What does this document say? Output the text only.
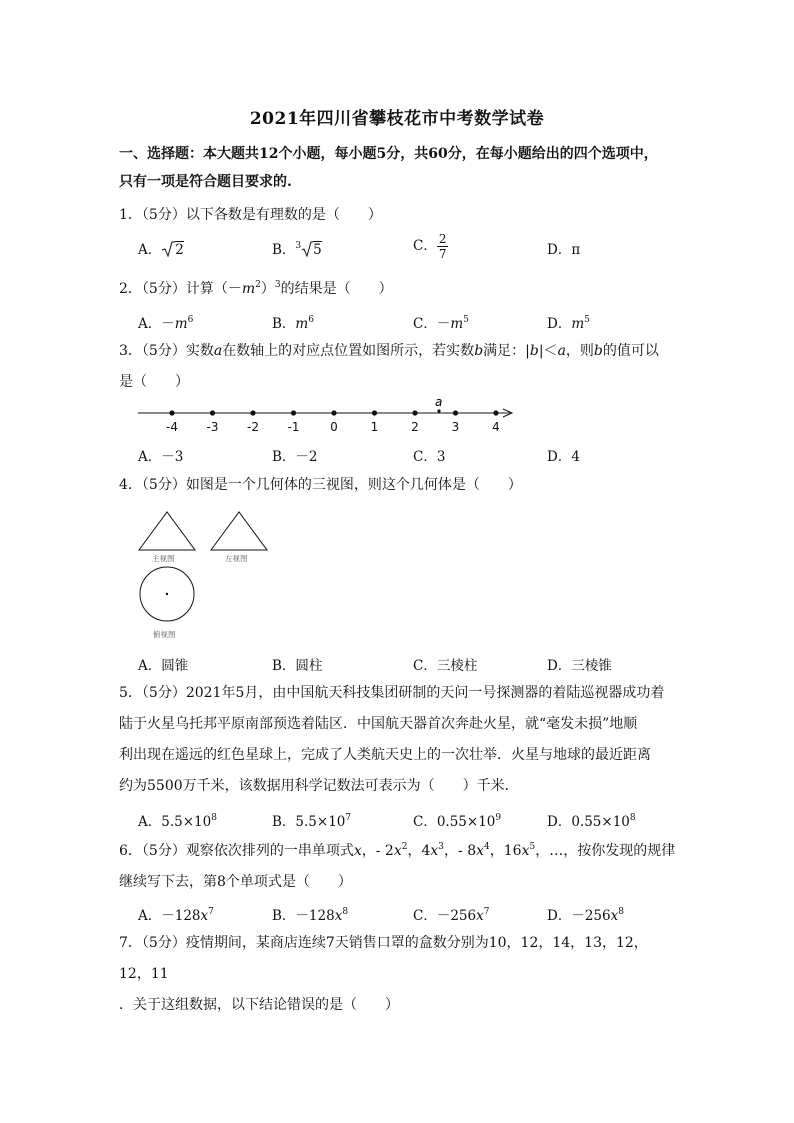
2021年四川省攀枝花市中考数学试卷
一、选择题：本大题共12个小题，每小题5分，共60分，在每小题给出的四个选项中，
只有一项是符合题目要求的.
1．（5分）以下各数是有理数的是（　　）
A． 2	B．$^3$ 5	C． $\frac{2}{7}$	D．π
2．（5分）计算$(-m^2)^3$的结果是（　　）
A．$-m^6$	B．$m^6$	C．$-m^5$	D．$m^5$
3．（5分）实数a在数轴上的对应点位置如图所示，若实数b满足：|b|＜a，则b的值可以
是（　　）
-4 -3 -2 -1	0	1	2	3	4
a
A．－3	B．－2	C．3	D．4
4．（5分）如图是一个几何体的三视图，则这个几何体是（　　）
主视图	左视图
俯视图
A．圆锥	B．圆柱	C．三棱柱	D．三棱锥
5．（5分）2021年5月，由中国航天科技集团研制的天问一号探测器的着陆巡视器成功着
陆于火星乌托邦平原南部预选着陆区．中国航天器首次奔赴火星，就“毫发未损”地顺
利出现在遥远的红色星球上，完成了人类航天史上的一次壮举．火星与地球的最近距离
约为5500万千米，该数据用科学记数法可表示为（　　）千米．
A．$5.5\times 10^8$	B．$5.5\times 10^7$	C．$0.55\times 10^9$	D．$0.55\times 10^8$
6．（5分）观察依次排列的一串单项式x，- $2x^2$，$4x^3$，- $8x^4$，$16x^5$，…，按你发现的规律
继续写下去，第8个单项式是（　　）
A．$-128x^7$	B．$-128x^8$	C．$-256x^7$	D．$-256x^8$
7．（5分）疫情期间，某商店连续7天销售口罩的盒数分别为10，12，14，13，12，12，11
．关于这组数据，以下结论错误的是（　　）
